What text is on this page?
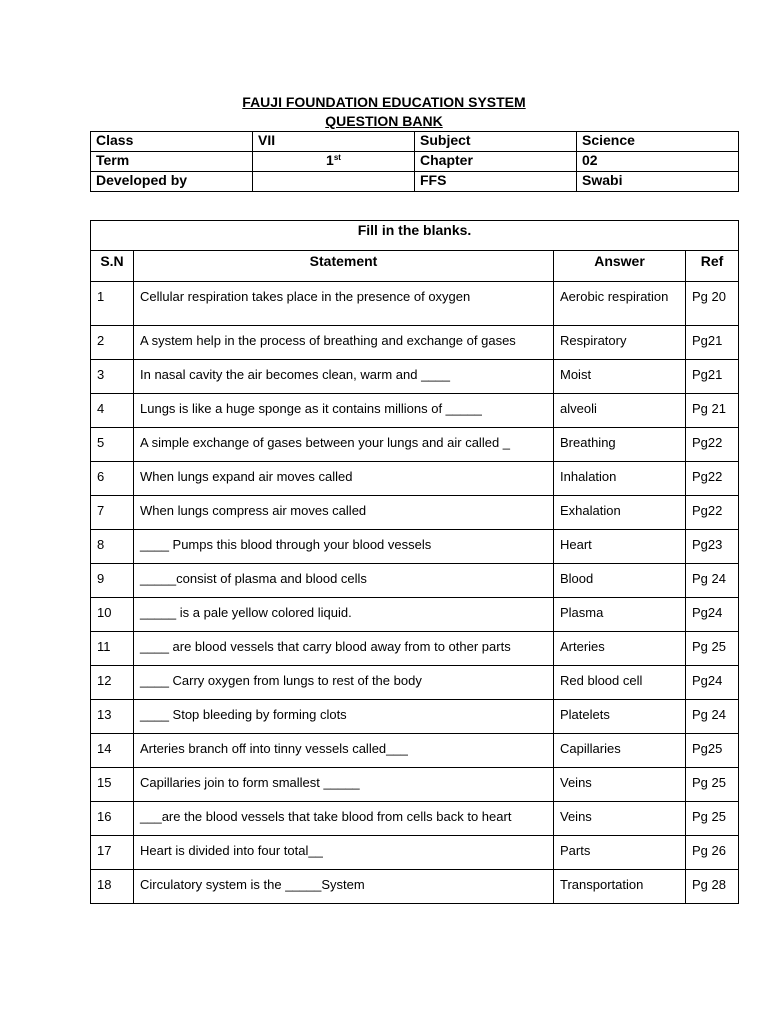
FAUJI FOUNDATION EDUCATION SYSTEM
QUESTION BANK
Class	VII	Subject	Science
Term	1st	Chapter	02
Developed by		FFS	Swabi
Fill in the blanks.			
S.N	Statement	Answer	Ref
1	Cellular respiration takes place in the presence of oxygen	Aerobic respiration	Pg 20
2	A system help in the process of breathing and exchange of gases	Respiratory	Pg21
3	In nasal cavity the air becomes clean, warm and ____	Moist	Pg21
4	Lungs is like a huge sponge as it contains millions of _____	alveoli	Pg 21
5	A simple exchange of gases between your lungs and air called _	Breathing	Pg22
6	When lungs expand air moves called	Inhalation	Pg22
7	When lungs compress air moves called	Exhalation	Pg22
8	____ Pumps this blood through your blood vessels	Heart	Pg23
9	_____consist of plasma and blood cells	Blood	Pg 24
10	_____ is a pale yellow colored liquid.	Plasma	Pg24
11	____ are blood vessels that carry blood away from to other parts	Arteries	Pg 25
12	____ Carry oxygen from lungs to rest of the body	Red blood cell	Pg24
13	____ Stop bleeding by forming clots	Platelets	Pg 24
14	Arteries branch off into tinny vessels called___	Capillaries	Pg25
15	Capillaries join to form smallest _____	Veins	Pg 25
16	___are the blood vessels that take blood from cells back to heart	Veins	Pg 25
17	Heart is divided into four total__	Parts	Pg 26
18	Circulatory system is the _____System	Transportation	Pg 28
